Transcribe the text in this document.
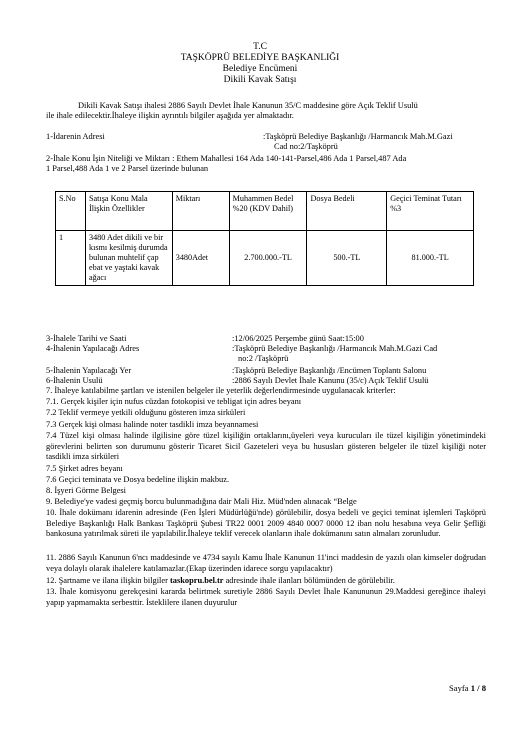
T.C
TAŞKÖPRÜ BELEDİYE BAŞKANLIĞI
Belediye Encümeni
Dikili Kavak Satışı
Dikili Kavak Satışı ihalesi 2886 Sayılı Devlet İhale Kanunun 35/C maddesine göre Açık Teklif Usulü
ile ihale edilecektir.İhaleye ilişkin ayrıntılı bilgiler aşağıda yer almaktadır.
1-İdarenin Adresi	:Taşköprü Belediye Başkanlığı /Harmancık Mah.M.Gazi
Cad no:2/Taşköprü
2-İhale Konu İşin Niteliği ve Miktarı : Ethem Mahallesi 164 Ada 140-141-Parsel,486 Ada 1 Parsel,487 Ada
1 Parsel,488 Ada 1 ve 2 Parsel üzerinde bulunan
S.No	Satışa Konu Mala İlişkin Özellikler	Miktarı	Muhammen Bedel %20 (KDV Dahil)	Dosya Bedeli	Geçici Teminat Tutarı %3
1	3480 Adet dikili ve bir kısmı kesilmiş durumda bulunan muhtelif çap ebat ve yaştaki kavak ağacı	3480Adet	2.700.000.-TL	500.-TL	81.000.-TL
3-İhalele Tarihi ve Saati	:12/06/2025 Perşembe günü Saat:15:00
4-İhalenin Yapılacağı Adres	:Taşköprü Belediye Başkanlığı /Harmancık Mah.M.Gazi Cad
no:2 /Taşköprü
5-İhalenin Yapılacağı Yer	:Taşköprü Belediye Başkanlığı /Encümen Toplantı Salonu
6-İhalenin Usulü	:2886 Sayılı Devlet İhale Kanunu (35/c) Açık Teklif Usulü
7. İhaleye katılabilme şartları ve istenilen belgeler ile yeterlik değerlendirmesinde uygulanacak kriterler:
7.1. Gerçek kişiler için nufus cüzdan fotokopisi ve tebligat için adres beyanı
7.2 Teklif vermeye yetkili olduğunu gösteren imza sirküleri
7.3 Gerçek kişi olması halinde noter tasdikli imza beyannamesi
7.4 Tüzel kişi olması halinde ilgilisine göre tüzel kişiliğin ortaklarını,üyeleri veya kurucuları ile tüzel kişiliğin yönetimindeki görevlerini belirten son durumunu gösterir Ticaret Sicil Gazeteleri veya bu hususları gösteren belgeler ile tüzel kişiliği noter tasdikli imza sirküleri
7.5 Şirket adres beyanı
7.6 Geçici teminata ve Dosya bedeline ilişkin makbuz.
8. İşyeri Görme Belgesi
9. Belediye'ye vadesi geçmiş borcu bulunmadığına dair Mali Hiz. Müd'nden alınacak “Belge
10. İhale dokümanı idarenin adresinde (Fen İşleri Müdürlüğü'nde) görülebilir, dosya bedeli ve geçici teminat işlemleri Taşköprü Belediye Başkanlığı Halk Bankası Taşköprü Şubesi TR22 0001 2009 4840 0007 0000 12 iban nolu hesabına veya Gelir Şefliği bankosuna yatırılmak süreti ile yapılabilir.İhaleye teklif verecek olanların ihale dokümanını satın almaları zorunludur.
11. 2886 Sayılı Kanunun 6'ncı maddesinde ve 4734 sayılı Kamu İhale Kanunun 11'inci maddesin de yazılı olan kimseler doğrudan veya dolaylı olarak ihalelere katılamazlar.(Ekap üzerinden idarece sorgu yapılacaktır)
12. Şartname ve ilana ilişkin bilgiler taskopru.bel.tr adresinde ihale ilanları bölümünden de görülebilir.
13. İhale komisyonu gerekçesini kararda belirtmek suretiyle 2886 Sayılı Devlet İhale Kanununun 29.Maddesi gereğince ihaleyi yapıp yapmamakta serbesttir. İsteklilere ilanen duyurulur
Sayfa 1 / 8
